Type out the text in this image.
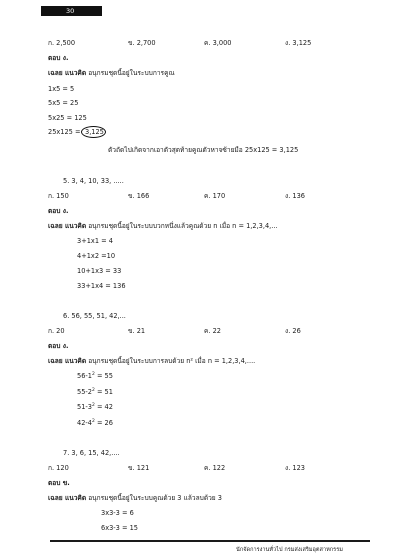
30
ก. 2,500	ข. 2,700	ค. 3,000	ง. 3,125
ตอบ ง.
เฉลย แนวคิด อนุกรมชุดนี้อยู่ในระบบการคูณ
1x5 = 5
5x5 = 25
5x25 = 125
25x125 = 3,125
ตัวถัดไปเกิดจากเอาตัวสุดท้ายคูณตัวหาจซ้ายมือ 25x125 = 3,125
5. 3, 4, 10, 33, .....
ก. 150	ข. 166	ค. 170	ง. 136
ตอบ ง.
เฉลย แนวคิด อนุกรมชุดนี้อยู่ในระบบบวกหนึ่งแล้วคูณด้วย n เมื่อ n = 1,2,3,4,...
3+1x1 = 4
4+1x2 =10
10+1x3 = 33
33+1x4 = 136
6. 56, 55, 51, 42,...
ก. 20	ข. 21	ค. 22	ง. 26
ตอบ ง.
เฉลย แนวคิด อนุกรมชุดนี้อยู่ในระบบการลบด้วย n² เมื่อ n = 1,2,3,4,....
$56-1^2 = 55$
$55-2^2 = 51$
$51-3^2 = 42$
$42-4^2 = 26$
7. 3, 6, 15, 42,....
ก. 120	ข. 121	ค. 122	ง. 123
ตอบ ข.
เฉลย แนวคิด อนุกรมชุดนี้อยู่ในระบบคูณด้วย 3 แล้วลบด้วย 3
3x3-3 = 6
6x3-3 = 15
นักจัดการงานทั่วไป กรมส่งเสริมอุตสาหกรรม
